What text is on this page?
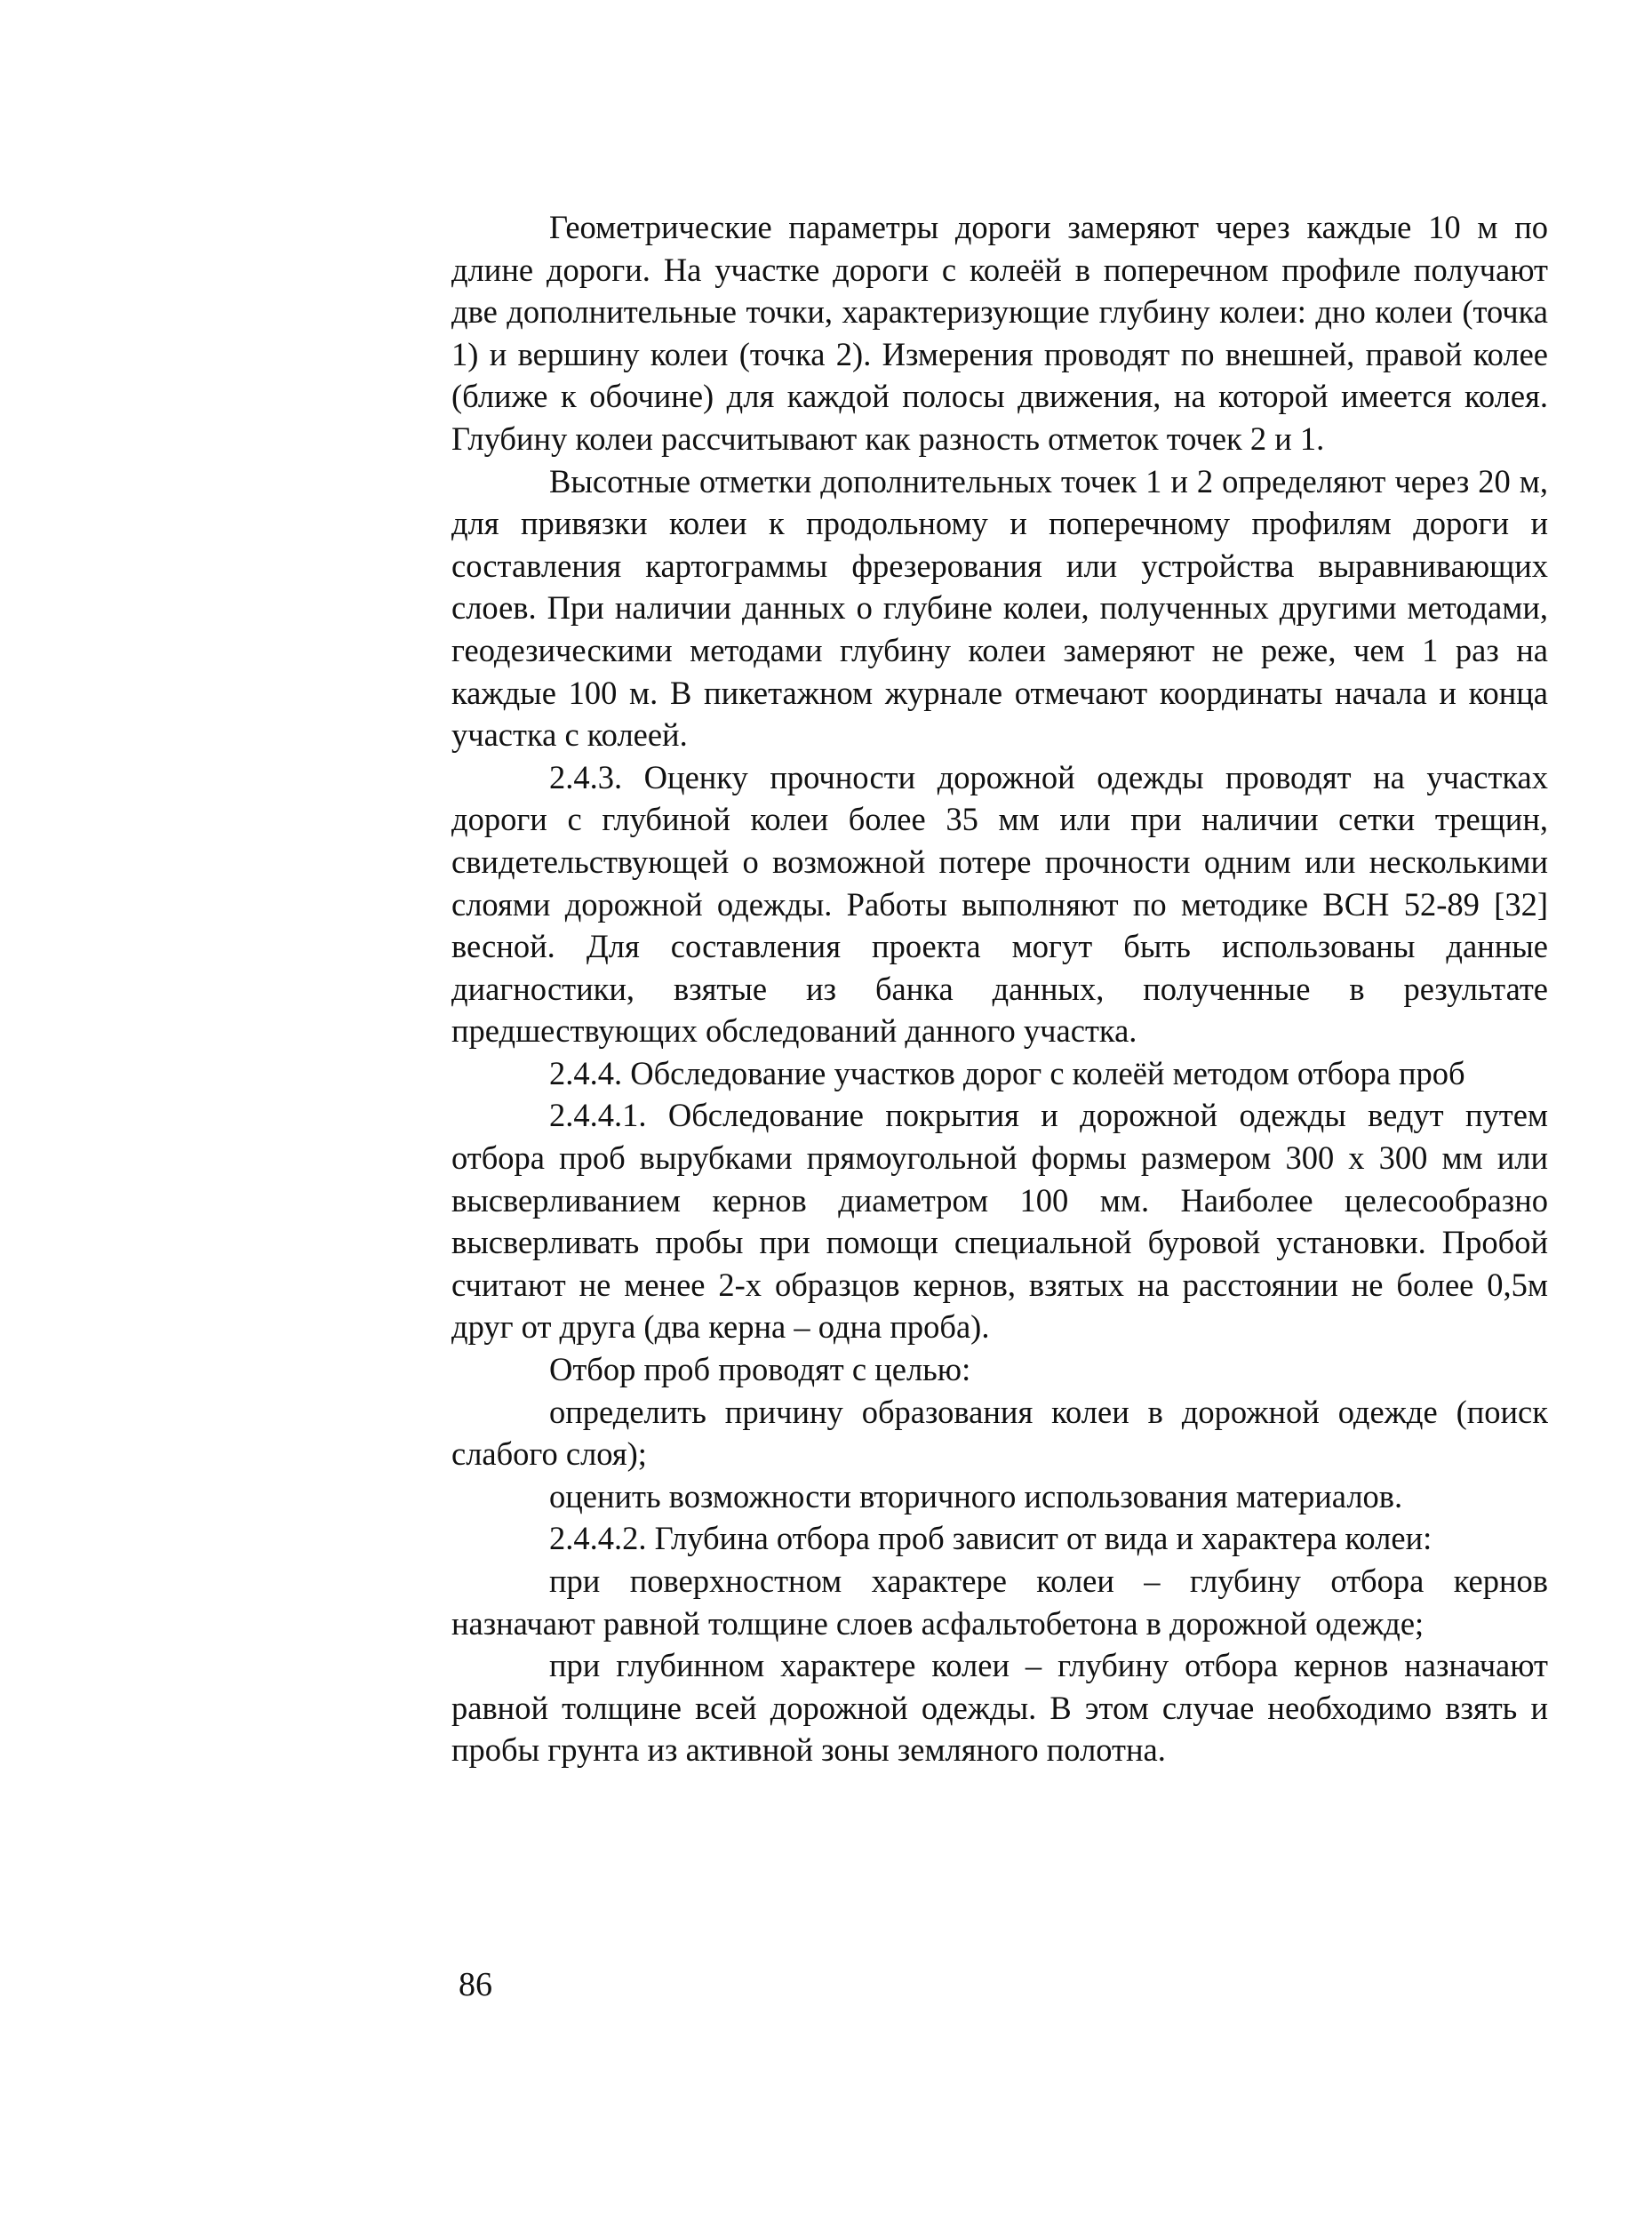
Геометрические параметры дороги замеряют через каждые 10 м по длине дороги. На участке дороги с колеёй в поперечном профиле получают две дополнительные точки, характеризующие глубину колеи: дно колеи (точка 1) и вершину колеи (точка 2). Измерения проводят по внешней, правой колее (ближе к обочине) для каждой полосы движения, на которой имеется колея. Глубину колеи рассчитывают как разность отметок точек 2 и 1.

Высотные отметки дополнительных точек 1 и 2 определяют через 20 м, для привязки колеи к продольному и поперечному профилям дороги и составления картограммы фрезерования или устройства выравнивающих слоев. При наличии данных о глубине колеи, полученных другими методами, геодезическими методами глубину колеи замеряют не реже, чем 1 раз на каждые 100 м. В пикетажном журнале отмечают координаты начала и конца участка с колеей.

2.4.3. Оценку прочности дорожной одежды проводят на участках дороги с глубиной колеи более 35 мм или при наличии сетки трещин, свидетельствующей о возможной потере прочности одним или несколькими слоями дорожной одежды. Работы выполняют по методике ВСН 52-89 [32] весной. Для составления проекта могут быть использованы данные диагностики, взятые из банка данных, полученные в результате предшествующих обследований данного участка.

2.4.4. Обследование участков дорог с колеёй методом отбора проб

2.4.4.1. Обследование покрытия и дорожной одежды ведут путем отбора проб вырубками прямоугольной формы размером 300 х 300 мм или высверливанием кернов диаметром 100 мм. Наиболее целесообразно высверливать пробы при помощи специальной буровой установки. Пробой считают не менее 2-х образцов кернов, взятых на расстоянии не более 0,5м друг от друга (два керна – одна проба).

Отбор проб проводят с целью:

определить причину образования колеи в дорожной одежде (поиск слабого слоя);

оценить возможности вторичного использования материалов.

2.4.4.2. Глубина отбора проб зависит от вида и характера колеи:

при поверхностном характере колеи – глубину отбора кернов назначают равной толщине слоев асфальтобетона в дорожной одежде;

при глубинном характере колеи – глубину отбора кернов назначают равной толщине всей дорожной одежды. В этом случае необходимо взять и пробы грунта из активной зоны земляного полотна.

86
